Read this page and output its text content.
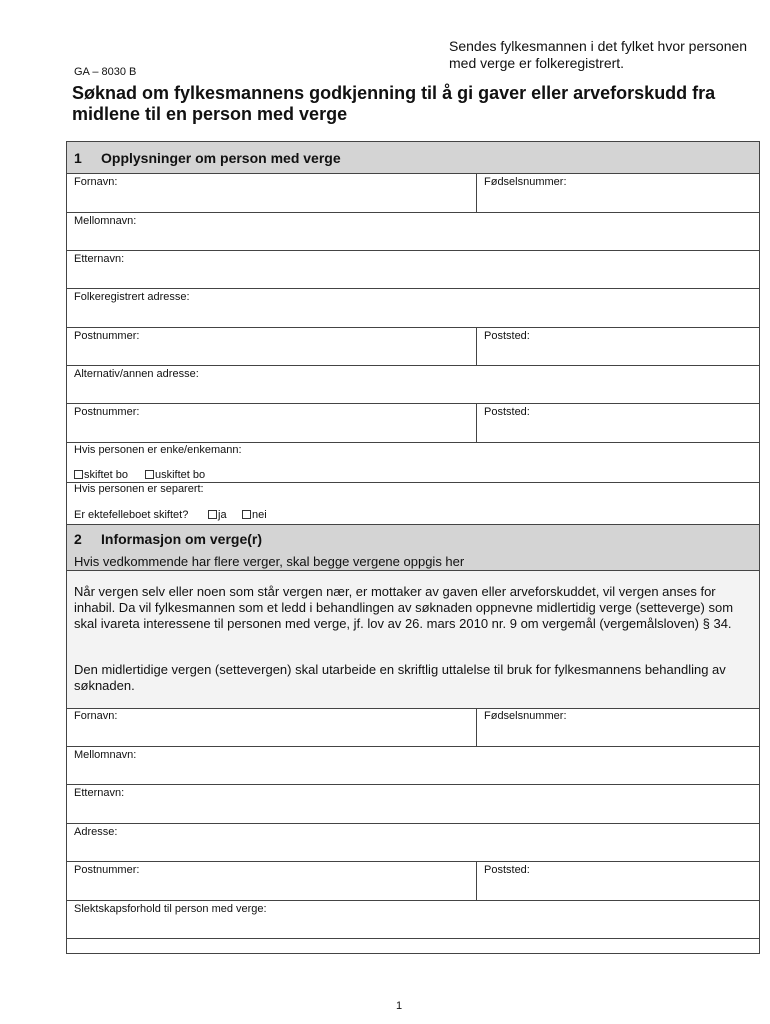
Sendes fylkesmannen i det fylket hvor personen med verge er folkeregistrert.
GA – 8030 B
Søknad om fylkesmannens godkjenning til å gi gaver eller arveforskudd fra midlene til en person med verge
1 Opplysninger om person med verge
Fornavn:	Fødselsnummer:
Mellomnavn:
Etternavn:
Folkeregistrert adresse:
Postnummer:	Poststed:
Alternativ/annen adresse:
Postnummer:	Poststed:
Hvis personen er enke/enkemann:
skiftet bo	uskiftet bo
Hvis personen er separert:
Er ektefelleboet skiftet?	ja	nei
2 Informasjon om verge(r)
Hvis vedkommende har flere verger, skal begge vergene oppgis her

Når vergen selv eller noen som står vergen nær, er mottaker av gaven eller arveforskuddet, vil vergen anses for inhabil. Da vil fylkesmannen som et ledd i behandlingen av søknaden oppnevne midlertidig verge (setteverge) som skal ivareta interessene til personen med verge, jf. lov av 26. mars 2010 nr. 9 om vergemål (vergemålsloven) § 34.

Den midlertidige vergen (settevergen) skal utarbeide en skriftlig uttalelse til bruk for fylkesmannens behandling av søknaden.

Fornavn:	Fødselsnummer:
Mellomnavn:
Etternavn:
Adresse:
Postnummer:	Poststed:
Slektskapsforhold til person med verge:
1
